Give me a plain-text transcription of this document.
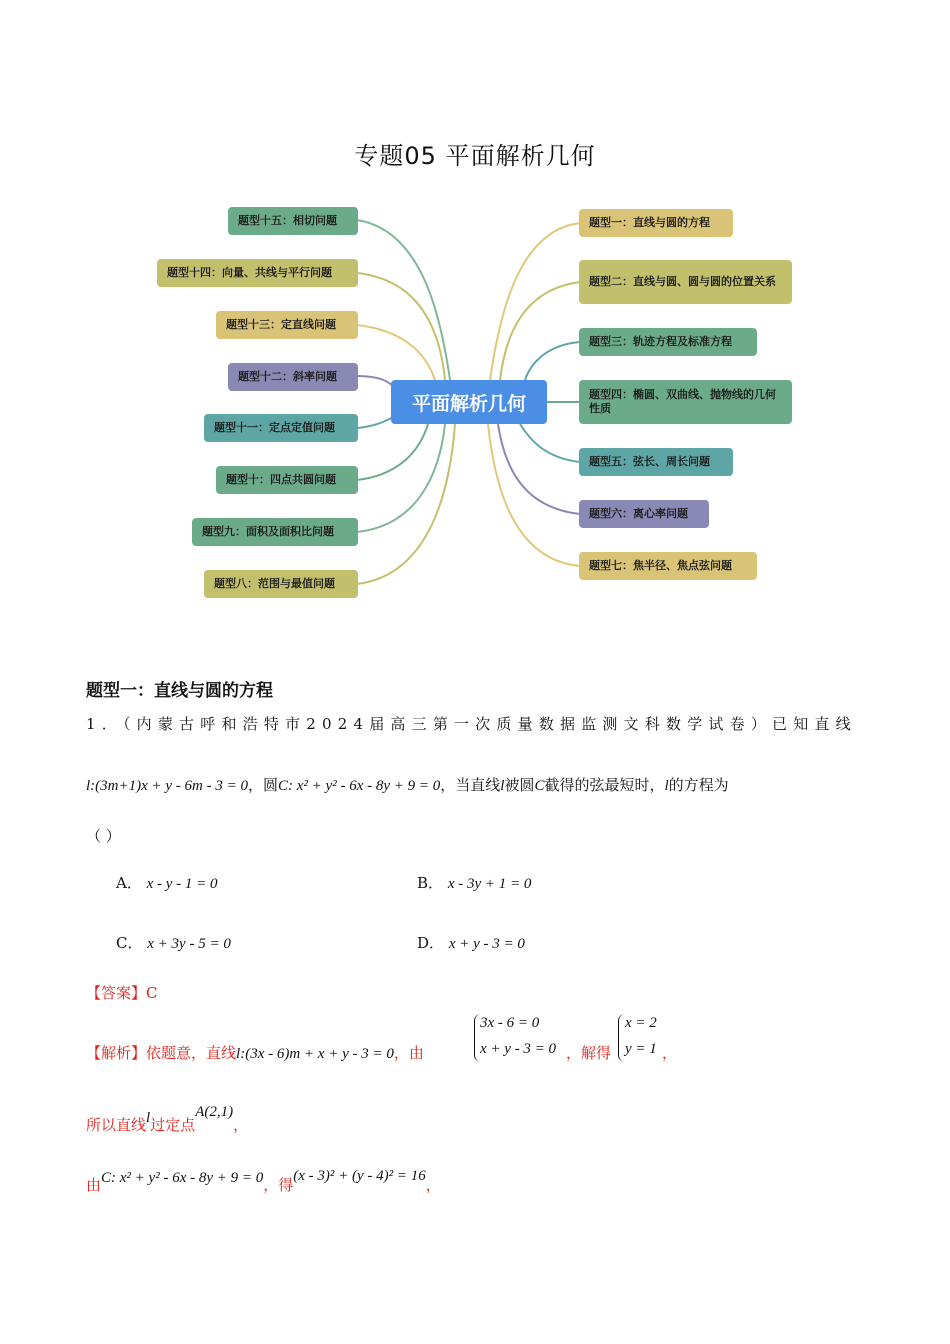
专题05 平面解析几何
平面解析几何
题型十五：相切问题
题型十四：向量、共线与平行问题
题型十三：定直线问题
题型十二：斜率问题
题型十一：定点定值问题
题型十：四点共圆问题
题型九：面积及面积比问题
题型八：范围与最值问题
题型一：直线与圆的方程
题型二：直线与圆、圆与圆的位置关系
题型三：轨迹方程及标准方程
题型四：椭圆、双曲线、抛物线的几何性质
题型五：弦长、周长问题
题型六：离心率问题
题型七：焦半径、焦点弦问题
题型一：直线与圆的方程
1．（内蒙古呼和浩特市2024届高三第一次质量数据监测文科数学试卷）已知直线
l:(3m+1)x + y - 6m - 3 = 0，圆C: x² + y² - 6x - 8y + 9 = 0，当直线l被圆C截得的弦最短时，l的方程为
（ ）
A． x - y - 1 = 0	B． x - 3y + 1 = 0
C． x + 3y - 5 = 0	D． x + y - 3 = 0
【答案】C
【解析】依题意，直线l:(3x - 6)m + x + y - 3 = 0，由
3x - 6 = 0
x + y - 3 = 0 ，解得
x = 2
y = 1 ，
所以直线l过定点A(2,1)，
由C: x² + y² - 6x - 8y + 9 = 0，得(x - 3)² + (y - 4)² = 16，
